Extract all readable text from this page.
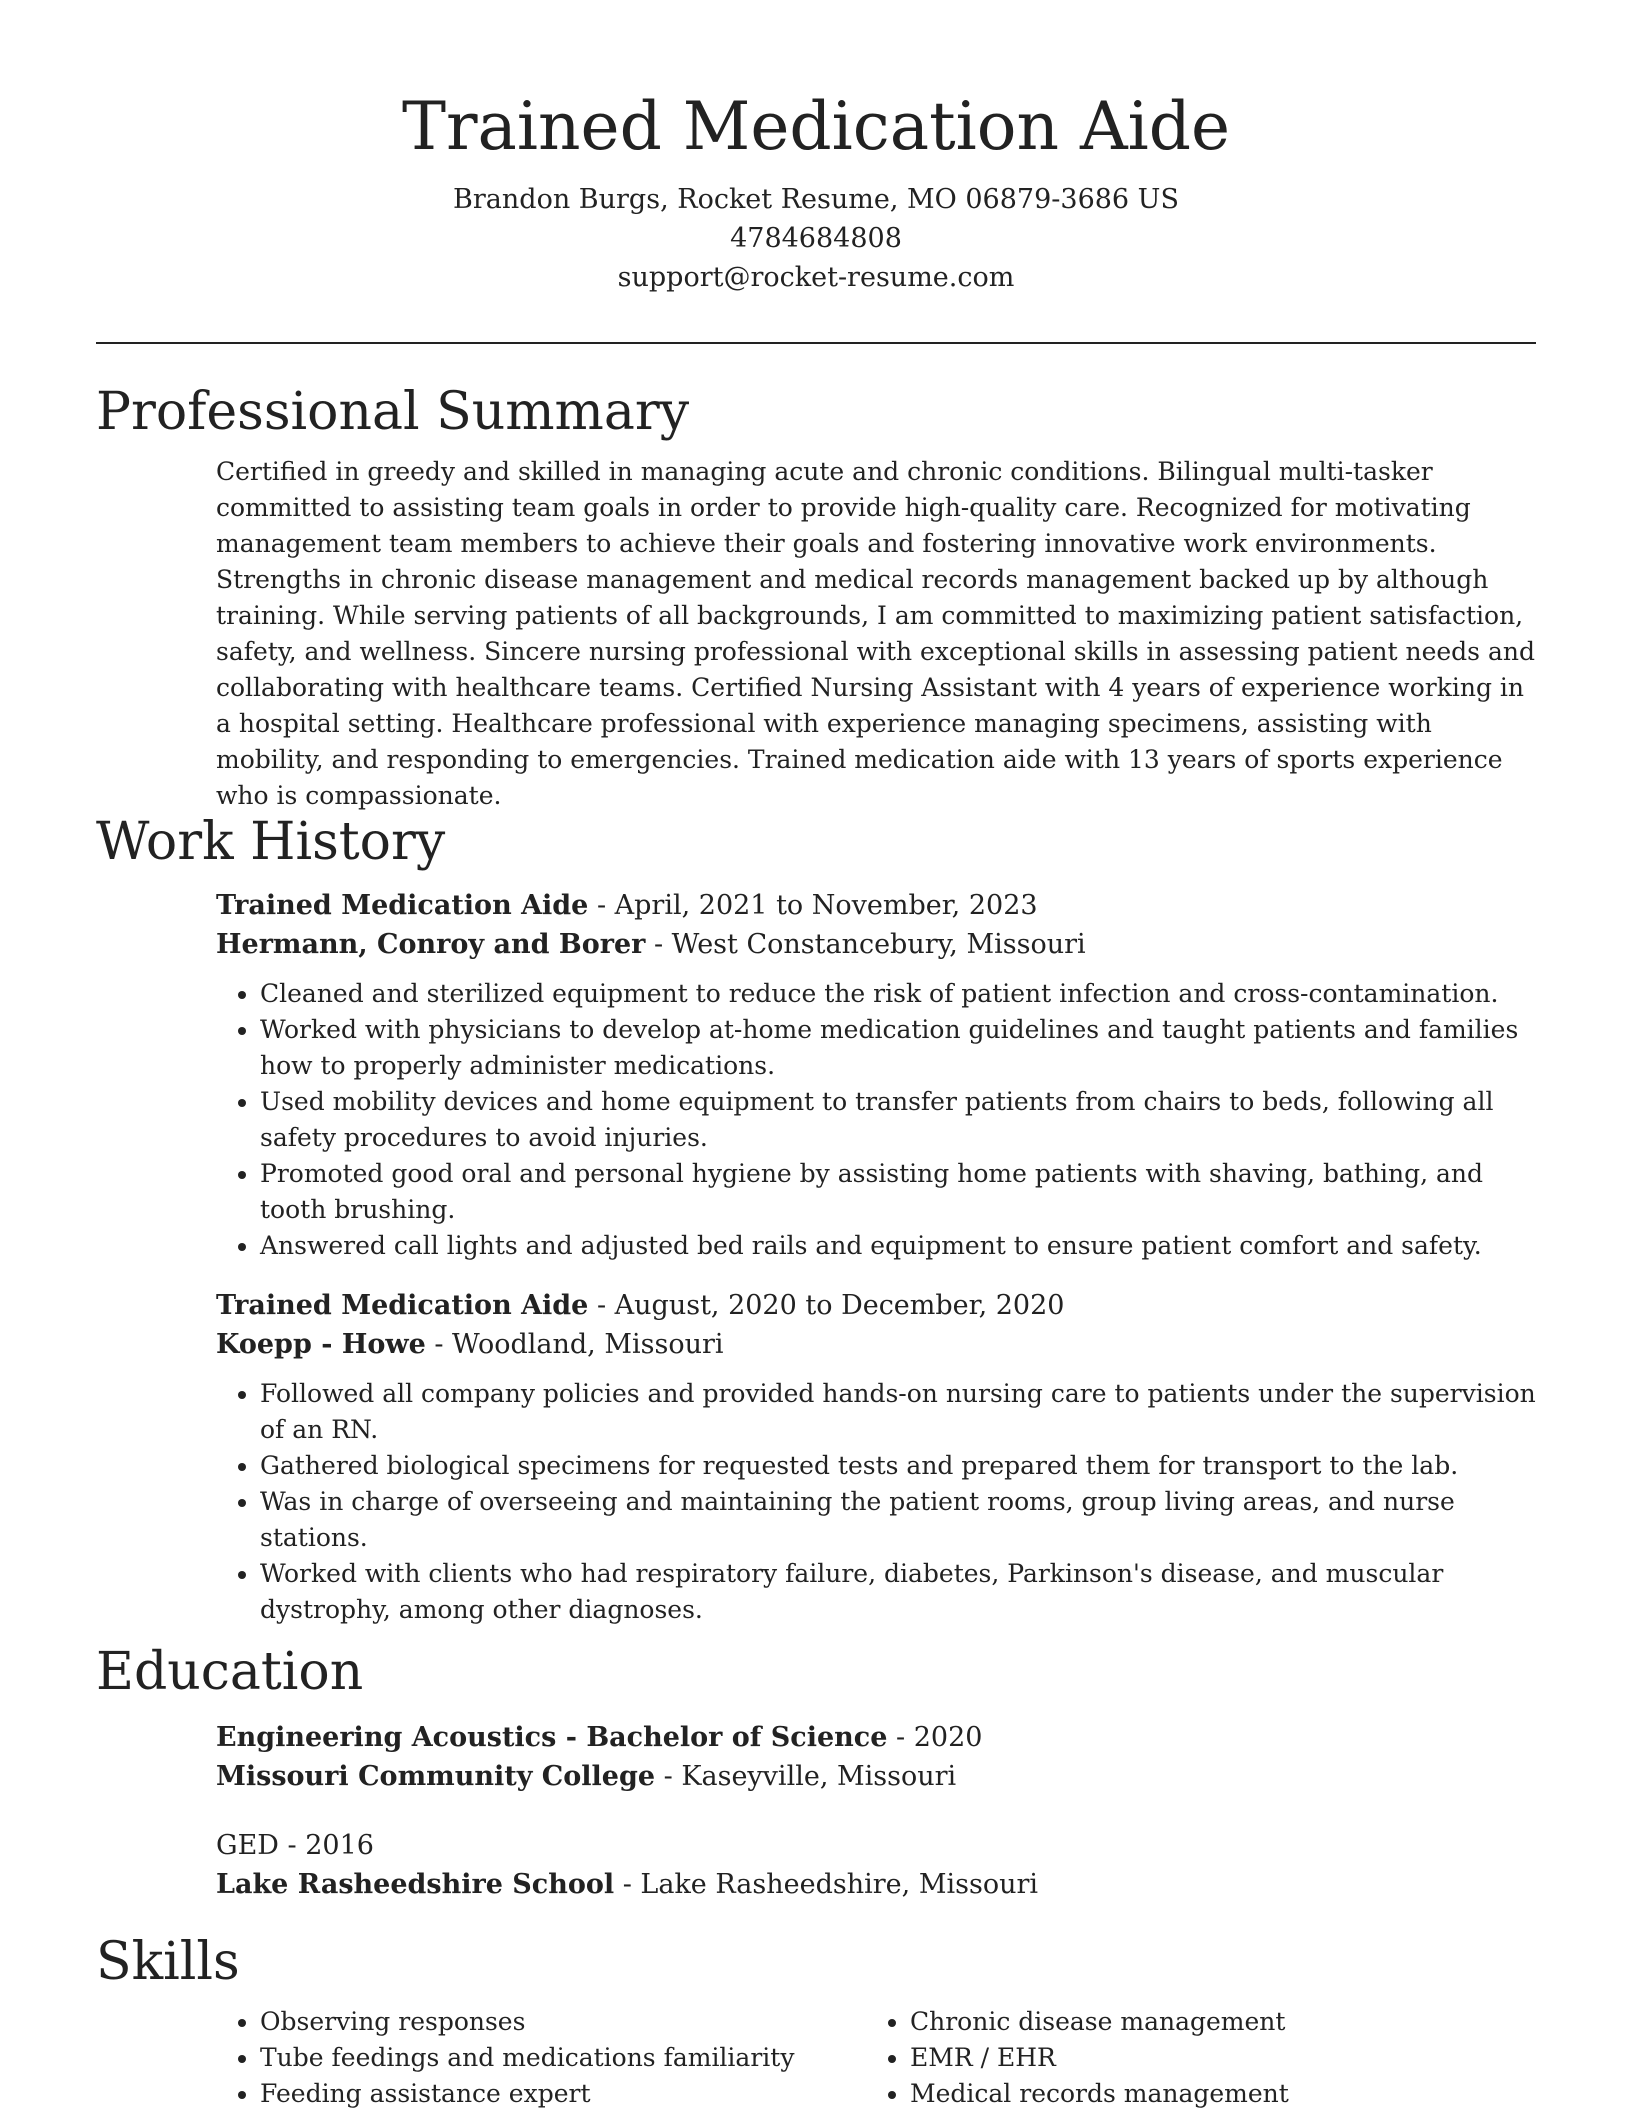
Trained Medication Aide

Brandon Burgs, Rocket Resume, MO 06879-3686 US

4784684808

support@rocket-resume.com

Professional Summary

Certified in greedy and skilled in managing acute and chronic conditions. Bilingual multi-tasker committed to assisting team goals in order to provide high-quality care. Recognized for motivating management team members to achieve their goals and fostering innovative work environments. Strengths in chronic disease management and medical records management backed up by although training. While serving patients of all backgrounds, I am committed to maximizing patient satisfaction, safety, and wellness. Sincere nursing professional with exceptional skills in assessing patient needs and collaborating with healthcare teams. Certified Nursing Assistant with 4 years of experience working in a hospital setting. Healthcare professional with experience managing specimens, assisting with mobility, and responding to emergencies. Trained medication aide with 13 years of sports experience who is compassionate.

Work History

Trained Medication Aide - April, 2021 to November, 2023

Hermann, Conroy and Borer - West Constancebury, Missouri

• Cleaned and sterilized equipment to reduce the risk of patient infection and cross-contamination.
• Worked with physicians to develop at-home medication guidelines and taught patients and families how to properly administer medications.
• Used mobility devices and home equipment to transfer patients from chairs to beds, following all safety procedures to avoid injuries.
• Promoted good oral and personal hygiene by assisting home patients with shaving, bathing, and tooth brushing.
• Answered call lights and adjusted bed rails and equipment to ensure patient comfort and safety.

Trained Medication Aide - August, 2020 to December, 2020

Koepp - Howe - Woodland, Missouri

• Followed all company policies and provided hands-on nursing care to patients under the supervision of an RN.
• Gathered biological specimens for requested tests and prepared them for transport to the lab.
• Was in charge of overseeing and maintaining the patient rooms, group living areas, and nurse stations.
• Worked with clients who had respiratory failure, diabetes, Parkinson's disease, and muscular dystrophy, among other diagnoses.
Education

Engineering Acoustics - Bachelor of Science - 2020

Missouri Community College - Kaseyville, Missouri

GED - 2016

Lake Rasheedshire School - Lake Rasheedshire, Missouri

Skills
• Observing responses
• Tube feedings and medications familiarity
• Feeding assistance expert
• Chronic disease management
• EMR / EHR
• Medical records management
